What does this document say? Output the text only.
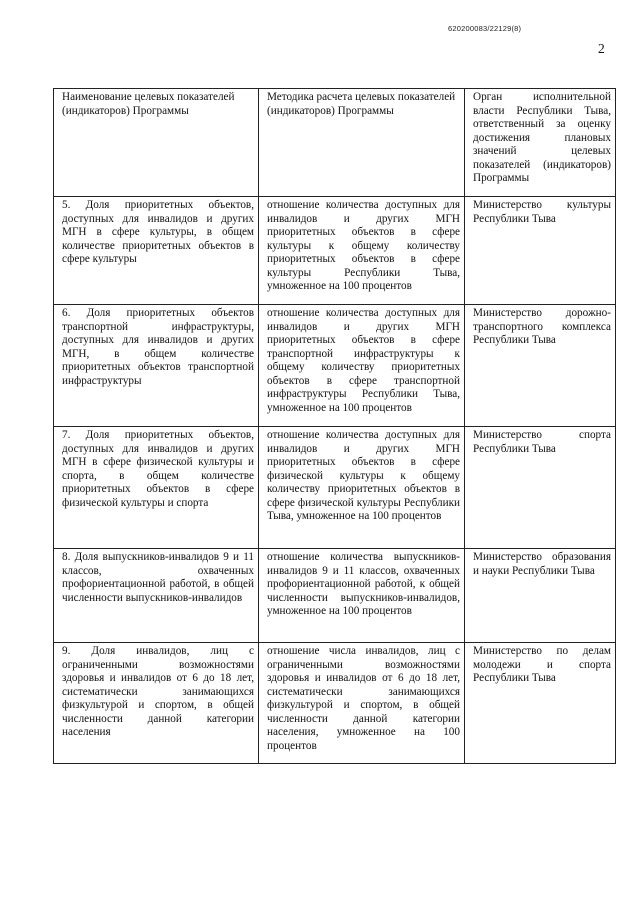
620200083/22129(8)
2
Наименование целевых показателей (индикаторов) Программы	Методика расчета целевых показателей (индикаторов) Программы	Орган исполнительной власти Республики Тыва, ответственный за оценку достижения плановых значений целевых показателей (индикаторов) Программы
5. Доля приоритетных объектов, доступных для инвалидов и других МГН в сфере культуры, в общем количестве приоритетных объектов в сфере культуры	отношение количества доступных для инвалидов и других МГН приоритетных объектов в сфере культуры к общему количеству приоритетных объектов в сфере культуры Республики Тыва, умноженное на 100 процентов	Министерство культуры Республики Тыва
6. Доля приоритетных объектов транспортной инфраструктуры, доступных для инвалидов и других МГН, в общем количестве приоритетных объектов транспортной инфраструктуры	отношение количества доступных для инвалидов и других МГН приоритетных объектов в сфере транспортной инфраструктуры к общему количеству приоритетных объектов в сфере транспортной инфраструктуры Республики Тыва, умноженное на 100 процентов	Министерство дорожно-транспортного комплекса Республики Тыва
7. Доля приоритетных объектов, доступных для инвалидов и других МГН в сфере физической культуры и спорта, в общем количестве приоритетных объектов в сфере физической культуры и спорта	отношение количества доступных для инвалидов и других МГН приоритетных объектов в сфере физической культуры к общему количеству приоритетных объектов в сфере физической культуры Республики Тыва, умноженное на 100 процентов	Министерство спорта Республики Тыва
8. Доля выпускников-инвалидов 9 и 11 классов, охваченных профориентационной работой, в общей численности выпускников-инвалидов	отношение количества выпускников-инвалидов 9 и 11 классов, охваченных профориентационной работой, к общей численности выпускников-инвалидов, умноженное на 100 процентов	Министерство образования и науки Республики Тыва
9. Доля инвалидов, лиц с ограниченными возможностями здоровья и инвалидов от 6 до 18 лет, систематически занимающихся физкультурой и спортом, в общей численности данной категории населения	отношение числа инвалидов, лиц с ограниченными возможностями здоровья и инвалидов от 6 до 18 лет, систематически занимающихся физкультурой и спортом, в общей численности данной категории населения, умноженное на 100 процентов	Министерство по делам молодежи и спорта Республики Тыва
